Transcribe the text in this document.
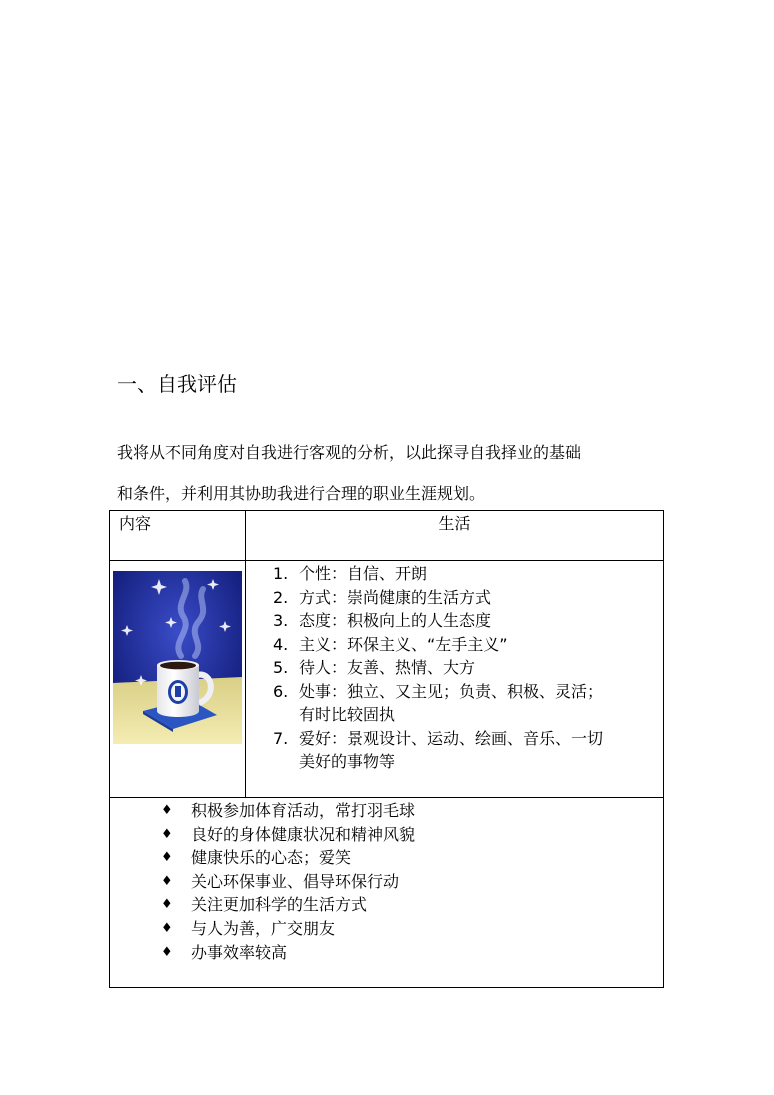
一、自我评估
我将从不同角度对自我进行客观的分析，以此探寻自我择业的基础
和条件，并利用其协助我进行合理的职业生涯规划。
内容	生活
1. 个性：自信、开朗
2. 方式：崇尚健康的生活方式
3. 态度：积极向上的人生态度
4. 主义：环保主义、“左手主义”
5. 待人：友善、热情、大方
6. 处事：独立、又主见；负责、积极、灵活；
有时比较固执
7. 爱好：景观设计、运动、绘画、音乐、一切
美好的事物等
♦ 积极参加体育活动，常打羽毛球
♦ 良好的身体健康状况和精神风貌
♦ 健康快乐的心态；爱笑
♦ 关心环保事业、倡导环保行动
♦ 关注更加科学的生活方式
♦ 与人为善，广交朋友
♦ 办事效率较高
